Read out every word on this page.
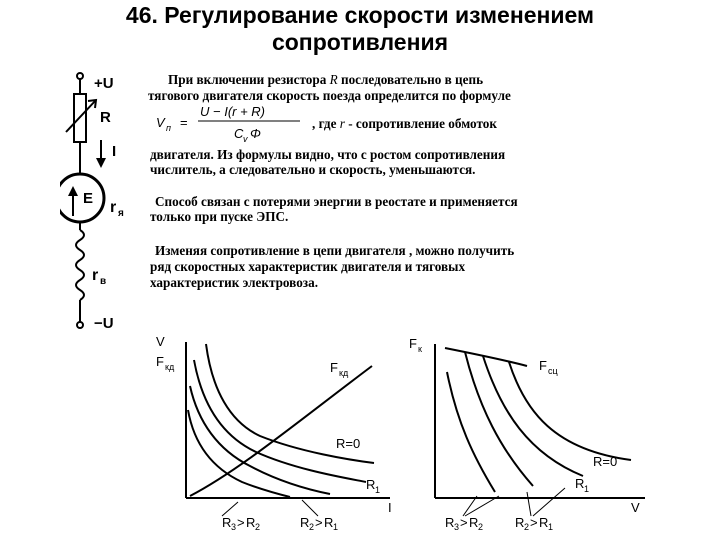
46. Регулирование скорости изменением
сопротивления
При включении резистора R последовательно в цепь
тягового двигателя скорость поезда определится по формуле
V п =
U − I(r + R)
C v Φ
, где r - сопротивление обмоток
двигателя. Из формулы видно, что с ростом сопротивления
числитель, а следовательно и скорость, уменьшаются.
Способ связан с потерями энергии в реостате и применяется
только при пуске ЭПС.
Изменяя сопротивление в цепи двигателя , можно получить
ряд скоростных характеристик двигателя и тяговых
характеристик электровоза.
+U
R
I
E
r я
r в
−U
V
F кд	F кд
R=0
R 1
I
R 3 > R 2	R 2 > R 1
F к
F сц
R=0
R 1
V
R 3 > R 2 R 2 > R 1
